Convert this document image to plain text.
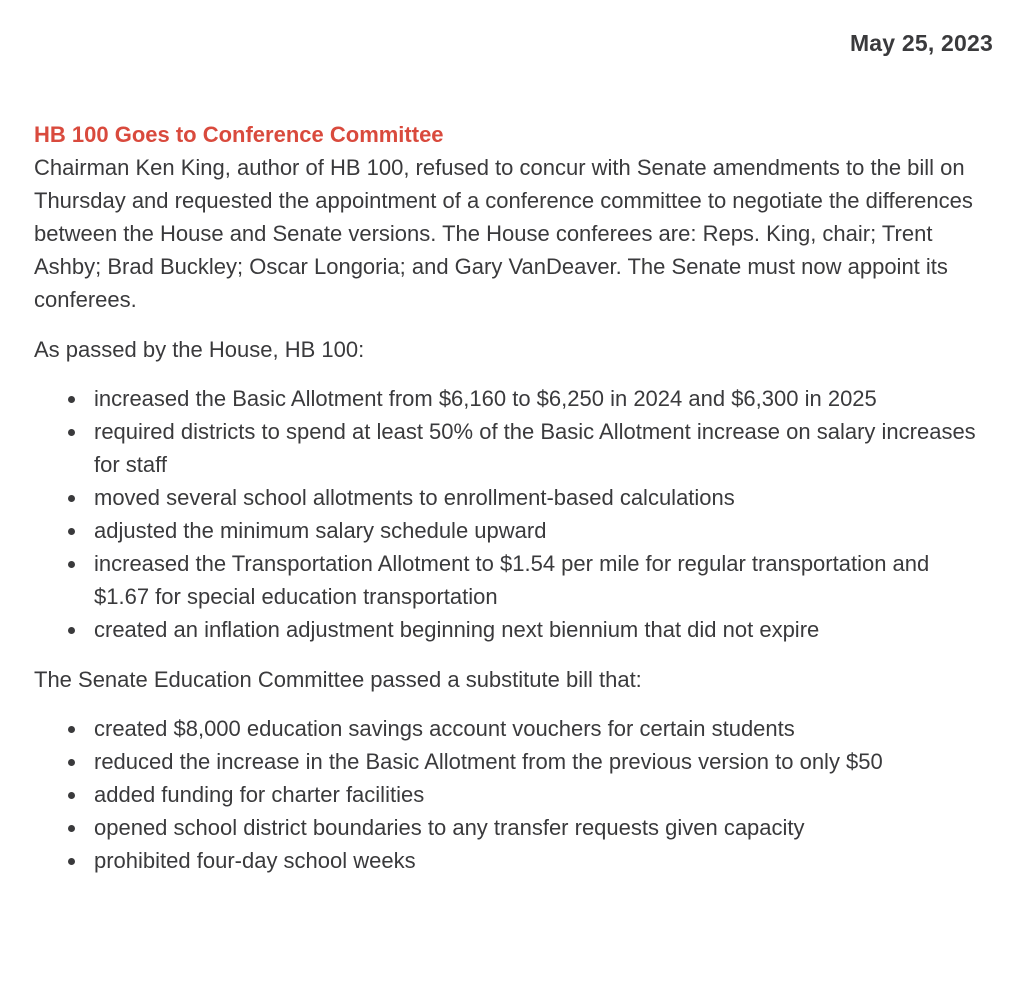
May 25, 2023
HB 100 Goes to Conference Committee

Chairman Ken King, author of HB 100, refused to concur with Senate amendments to the bill on Thursday and requested the appointment of a conference committee to negotiate the differences between the House and Senate versions. The House conferees are: Reps. King, chair; Trent Ashby; Brad Buckley; Oscar Longoria; and Gary VanDeaver. The Senate must now appoint its conferees.

As passed by the House, HB 100:

increased the Basic Allotment from $6,160 to $6,250 in 2024 and $6,300 in 2025
required districts to spend at least 50% of the Basic Allotment increase on salary increases for staff
moved several school allotments to enrollment-based calculations
adjusted the minimum salary schedule upward
increased the Transportation Allotment to $1.54 per mile for regular transportation and $1.67 for special education transportation
created an inflation adjustment beginning next biennium that did not expire

The Senate Education Committee passed a substitute bill that:

created $8,000 education savings account vouchers for certain students
reduced the increase in the Basic Allotment from the previous version to only $50
added funding for charter facilities
opened school district boundaries to any transfer requests given capacity
prohibited four-day school weeks
